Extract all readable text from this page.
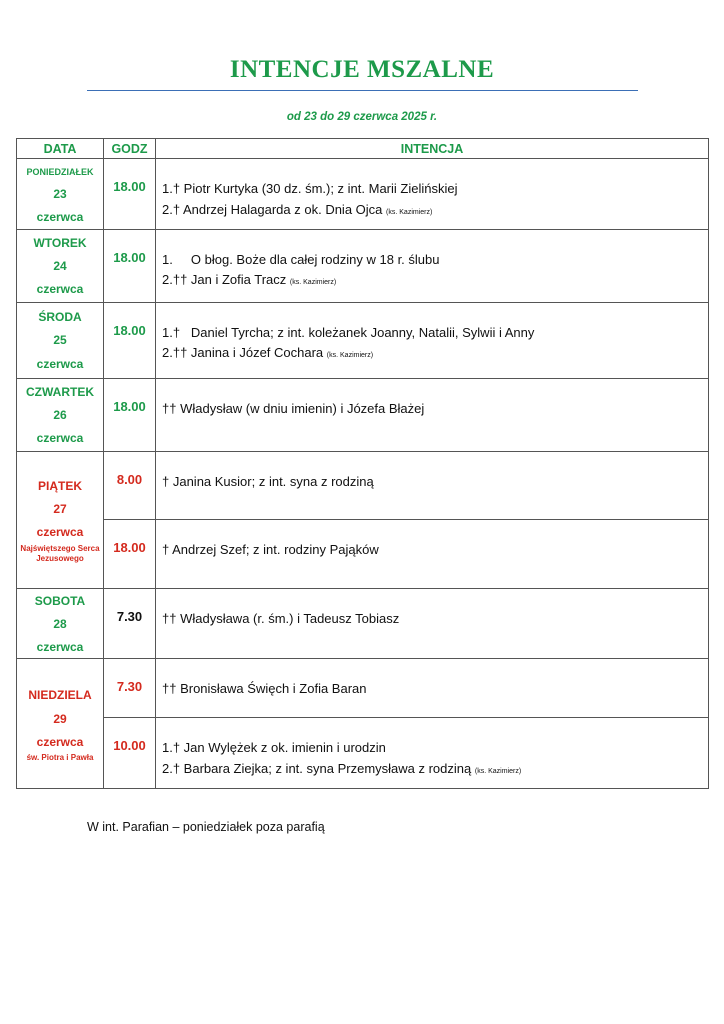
INTENCJE MSZALNE
od 23 do 29 czerwca 2025 r.
DATA	GODZ	INTENCJA
PONIEDZIAŁEK
23
czerwca	18.00	1.† Piotr Kurtyka (30 dz. śm.); z int. Marii Zielińskiej
2.† Andrzej Halagarda z ok. Dnia Ojca (ks. Kazimierz)

WTOREK
24
czerwca	18.00	1.     O błog. Boże dla całej rodziny w 18 r. ślubu
2.†† Jan i Zofia Tracz (ks. Kazimierz)

ŚRODA
25
czerwca	18.00	1.†   Daniel Tyrcha; z int. koleżanek Joanny, Natalii, Sylwii i Anny
2.†† Janina i Józef Cochara (ks. Kazimierz)

CZWARTEK
26
czerwca	18.00	†† Władysław (w dniu imienin) i Józefa Błażej

PIĄTEK
27
czerwca
Najświętszego Serca Jezusowego	8.00	† Janina Kusior; z int. syna z rodziną

	18.00	† Andrzej Szef; z int. rodziny Pająków

SOBOTA
28
czerwca	7.30	†† Władysława (r. śm.) i Tadeusz Tobiasz

NIEDZIELA
29
czerwca
św. Piotra i Pawła	7.30	†† Bronisława Święch i Zofia Baran

	10.00	1.† Jan Wylężek z ok. imienin i urodzin
2.† Barbara Ziejka; z int. syna Przemysława z rodziną (ks. Kazimierz)
W int. Parafian – poniedziałek poza parafią
